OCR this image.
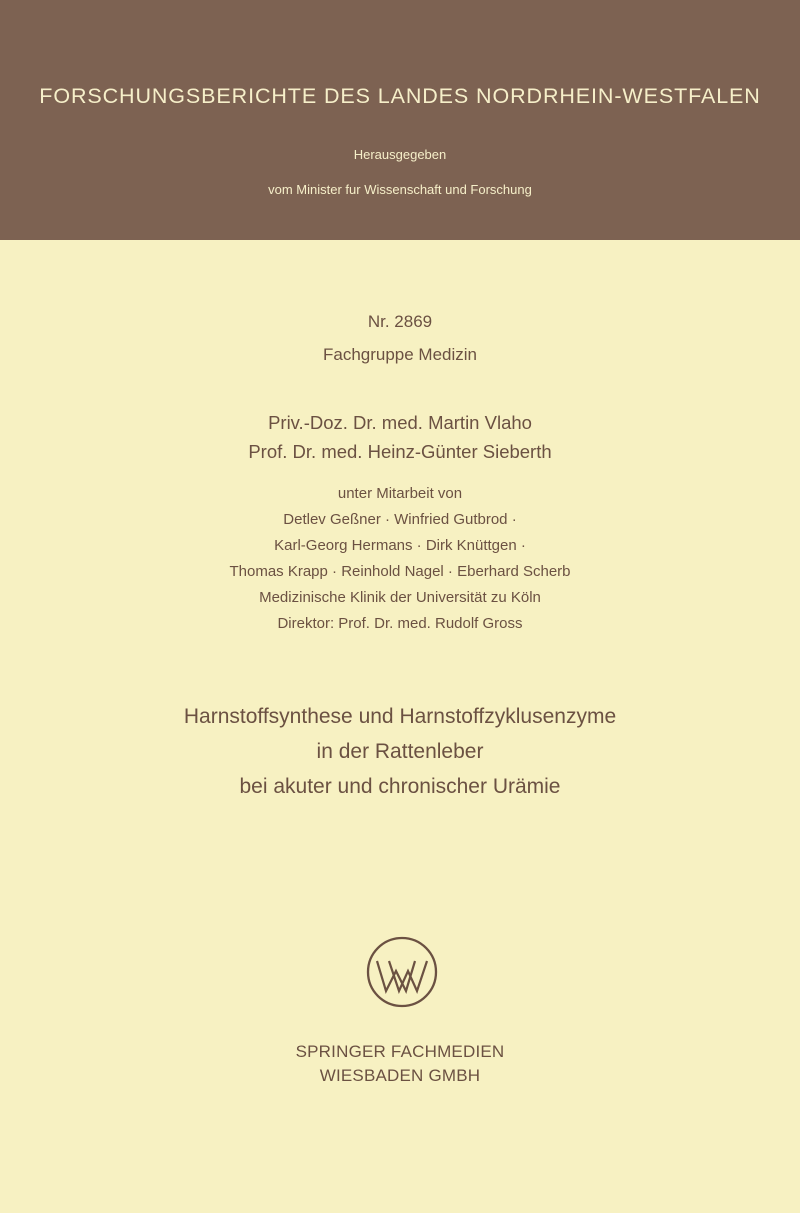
FORSCHUNGSBERICHTE DES LANDES NORDRHEIN-WESTFALEN
Herausgegeben
vom Minister fur Wissenschaft und Forschung
Nr. 2869
Fachgruppe Medizin
Priv.-Doz. Dr. med. Martin Vlaho
Prof. Dr. med. Heinz-Günter Sieberth
unter Mitarbeit von
Detlev Geßner · Winfried Gutbrod ·
Karl-Georg Hermans · Dirk Knüttgen ·
Thomas Krapp · Reinhold Nagel · Eberhard Scherb
Medizinische Klinik der Universität zu Köln
Direktor: Prof. Dr. med. Rudolf Gross
Harnstoffsynthese und Harnstoffzyklusenzyme
in der Rattenleber
bei akuter und chronischer Urämie
SPRINGER FACHMEDIEN
WIESBADEN GMBH
